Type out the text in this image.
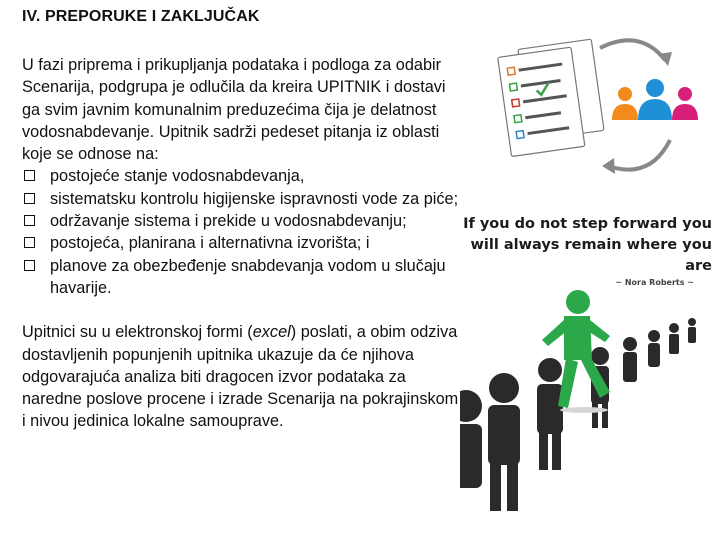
IV. PREPORUKE I ZAKLJUČAK

U fazi priprema i prikupljanja podataka i podloga za odabir Scenarija, podgrupa je odlučila da kreira UPITNIK i dostavi ga svim javnim komunalnim preduzećima čija je delatnost vodosnabdevanje. Upitnik sadrži pedeset pitanja iz oblasti koje se odnose na:

postojeće stanje vodosnabdevanja,
sistematsku kontrolu higijenske ispravnosti vode za piće;
održavanje sistema i prekide u vodosnabdevanju;
postojeća, planirana i alternativna izvorišta; i
planove za obezbeđenje snabdevanja vodom u slučaju havarije.

Upitnici su u elektronskoj formi (excel) poslati, a obim odziva dostavljenih popunjenih upitnika ukazuje da će njihova odgovarajuća analiza biti dragocen izvor podataka za naredne poslove procene i izrade Scenarija na pokrajinskom i nivou jedinica lokalne samouprave.

If you do not step forward you will always remain where you are
~ Nora Roberts ~
